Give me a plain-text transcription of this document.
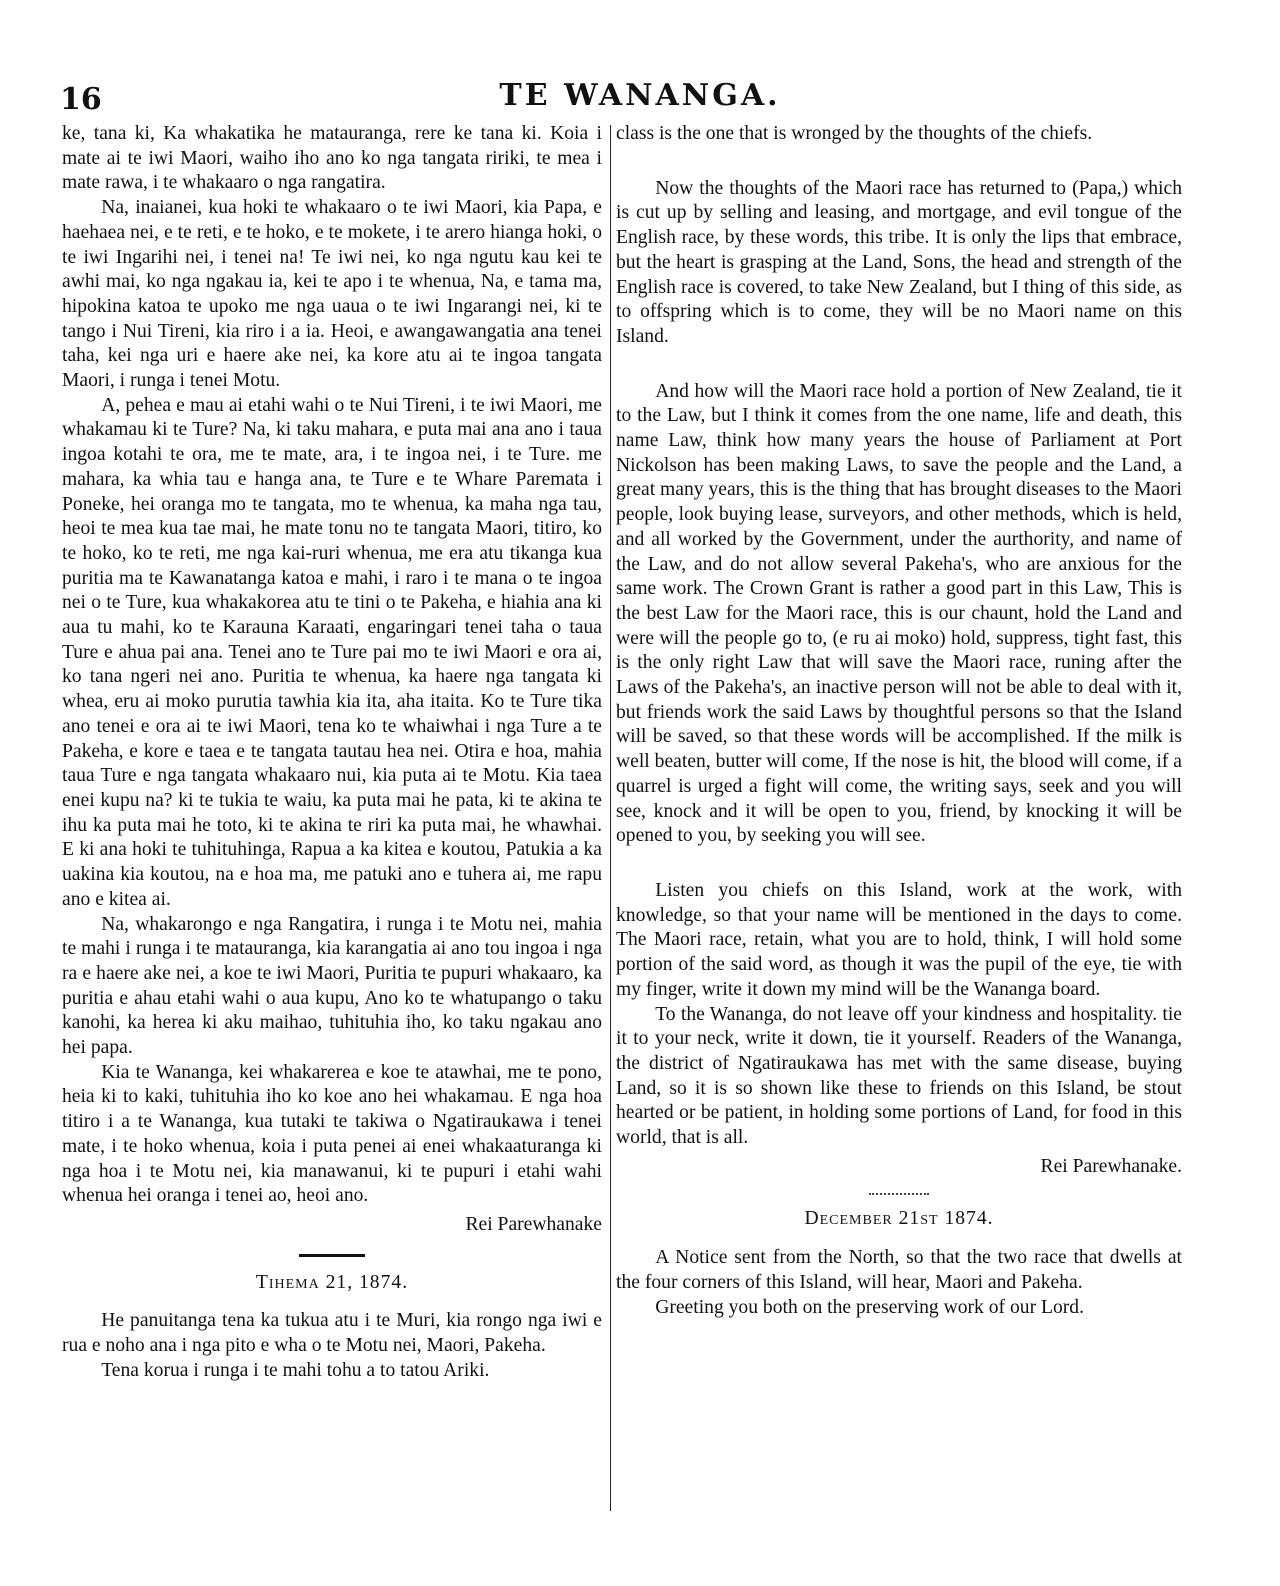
16	TE WANANGA.

ke, tana ki, Ka whakatika he matauranga, rere ke tana ki. Koia i mate ai te iwi Maori, waiho iho ano ko nga tangata ririki, te mea i mate rawa, i te whakaaro o nga rangatira.

Na, inaianei, kua hoki te whakaaro o te iwi Maori, kia Papa, e haehaea nei, e te reti, e te hoko, e te mokete, i te arero hianga hoki, o te iwi Ingarihi nei, i tenei na! Te iwi nei, ko nga ngutu kau kei te awhi mai, ko nga ngakau ia, kei te apo i te whenua, Na, e tama ma, hipokina katoa te upoko me nga uaua o te iwi Ingarangi nei, ki te tango i Nui Tireni, kia riro i a ia. Heoi, e awangawangatia ana tenei taha, kei nga uri e haere ake nei, ka kore atu ai te ingoa tangata Maori, i runga i tenei Motu.

A, pehea e mau ai etahi wahi o te Nui Tireni, i te iwi Maori, me whakamau ki te Ture? Na, ki taku mahara, e puta mai ana ano i taua ingoa kotahi te ora, me te mate, ara, i te ingoa nei, i te Ture. me mahara, ka whia tau e hanga ana, te Ture e te Whare Paremata i Poneke, hei oranga mo te tangata, mo te whenua, ka maha nga tau, heoi te mea kua tae mai, he mate tonu no te tangata Maori, titiro, ko te hoko, ko te reti, me nga kai-ruri whenua, me era atu tikanga kua puritia ma te Kawanatanga katoa e mahi, i raro i te mana o te ingoa nei o te Ture, kua whakakorea atu te tini o te Pakeha, e hiahia ana ki aua tu mahi, ko te Karauna Karaati, engaringari tenei taha o taua Ture e ahua pai ana. Tenei ano te Ture pai mo te iwi Maori e ora ai, ko tana ngeri nei ano. Puritia te whenua, ka haere nga tangata ki whea, eru ai moko purutia tawhia kia ita, aha itaita. Ko te Ture tika ano tenei e ora ai te iwi Maori, tena ko te whaiwhai i nga Ture a te Pakeha, e kore e taea e te tangata tautau hea nei. Otira e hoa, mahia taua Ture e nga tangata whakaaro nui, kia puta ai te Motu. Kia taea enei kupu na? ki te tukia te waiu, ka puta mai he pata, ki te akina te ihu ka puta mai he toto, ki te akina te riri ka puta mai, he whawhai. E ki ana hoki te tuhituhinga, Rapua a ka kitea e koutou, Patukia a ka uakina kia koutou, na e hoa ma, me patuki ano e tuhera ai, me rapu ano e kitea ai.

Na, whakarongo e nga Rangatira, i runga i te Motu nei, mahia te mahi i runga i te matauranga, kia karangatia ai ano tou ingoa i nga ra e haere ake nei, a koe te iwi Maori, Puritia te pupuri whakaaro, ka puritia e ahau etahi wahi o aua kupu, Ano ko te whatupango o taku kanohi, ka herea ki aku maihao, tuhituhia iho, ko taku ngakau ano hei papa.

Kia te Wananga, kei whakarerea e koe te atawhai, me te pono, heia ki to kaki, tuhituhia iho ko koe ano hei whakamau. E nga hoa titiro i a te Wananga, kua tutaki te takiwa o Ngatiraukawa i tenei mate, i te hoko whenua, koia i puta penei ai enei whakaaturanga ki nga hoa i te Motu nei, kia manawanui, ki te pupuri i etahi wahi whenua hei oranga i tenei ao, heoi ano.

Rei Parewhanake

Tihema 21, 1874.

He panuitanga tena ka tukua atu i te Muri, kia rongo nga iwi e rua e noho ana i nga pito e wha o te Motu nei, Maori, Pakeha.

Tena korua i runga i te mahi tohu a to tatou Ariki.

class is the one that is wronged by the thoughts of the chiefs.

Now the thoughts of the Maori race has returned to (Papa,) which is cut up by selling and leasing, and mortgage, and evil tongue of the English race, by these words, this tribe. It is only the lips that embrace, but the heart is grasping at the Land, Sons, the head and strength of the English race is covered, to take New Zealand, but I thing of this side, as to offspring which is to come, they will be no Maori name on this Island.

And how will the Maori race hold a portion of New Zealand, tie it to the Law, but I think it comes from the one name, life and death, this name Law, think how many years the house of Parliament at Port Nickolson has been making Laws, to save the people and the Land, a great many years, this is the thing that has brought diseases to the Maori people, look buying lease, surveyors, and other methods, which is held, and all worked by the Government, under the aurthority, and name of the Law, and do not allow several Pakeha's, who are anxious for the same work. The Crown Grant is rather a good part in this Law, This is the best Law for the Maori race, this is our chaunt, hold the Land and were will the people go to, (e ru ai moko) hold, suppress, tight fast, this is the only right Law that will save the Maori race, runing after the Laws of the Pakeha's, an inactive person will not be able to deal with it, but friends work the said Laws by thoughtful persons so that the Island will be saved, so that these words will be accomplished. If the milk is well beaten, butter will come, If the nose is hit, the blood will come, if a quarrel is urged a fight will come, the writing says, seek and you will see, knock and it will be open to you, friend, by knocking it will be opened to you, by seeking you will see.

Listen you chiefs on this Island, work at the work, with knowledge, so that your name will be mentioned in the days to come. The Maori race, retain, what you are to hold, think, I will hold some portion of the said word, as though it was the pupil of the eye, tie with my finger, write it down my mind will be the Wananga board.

To the Wananga, do not leave off your kindness and hospitality. tie it to your neck, write it down, tie it yourself. Readers of the Wananga, the district of Ngatiraukawa has met with the same disease, buying Land, so it is so shown like these to friends on this Island, be stout hearted or be patient, in holding some portions of Land, for food in this world, that is all.

Rei Parewhanake.

December 21st 1874.

A Notice sent from the North, so that the two race that dwells at the four corners of this Island, will hear, Maori and Pakeha.

Greeting you both on the preserving work of our Lord.
